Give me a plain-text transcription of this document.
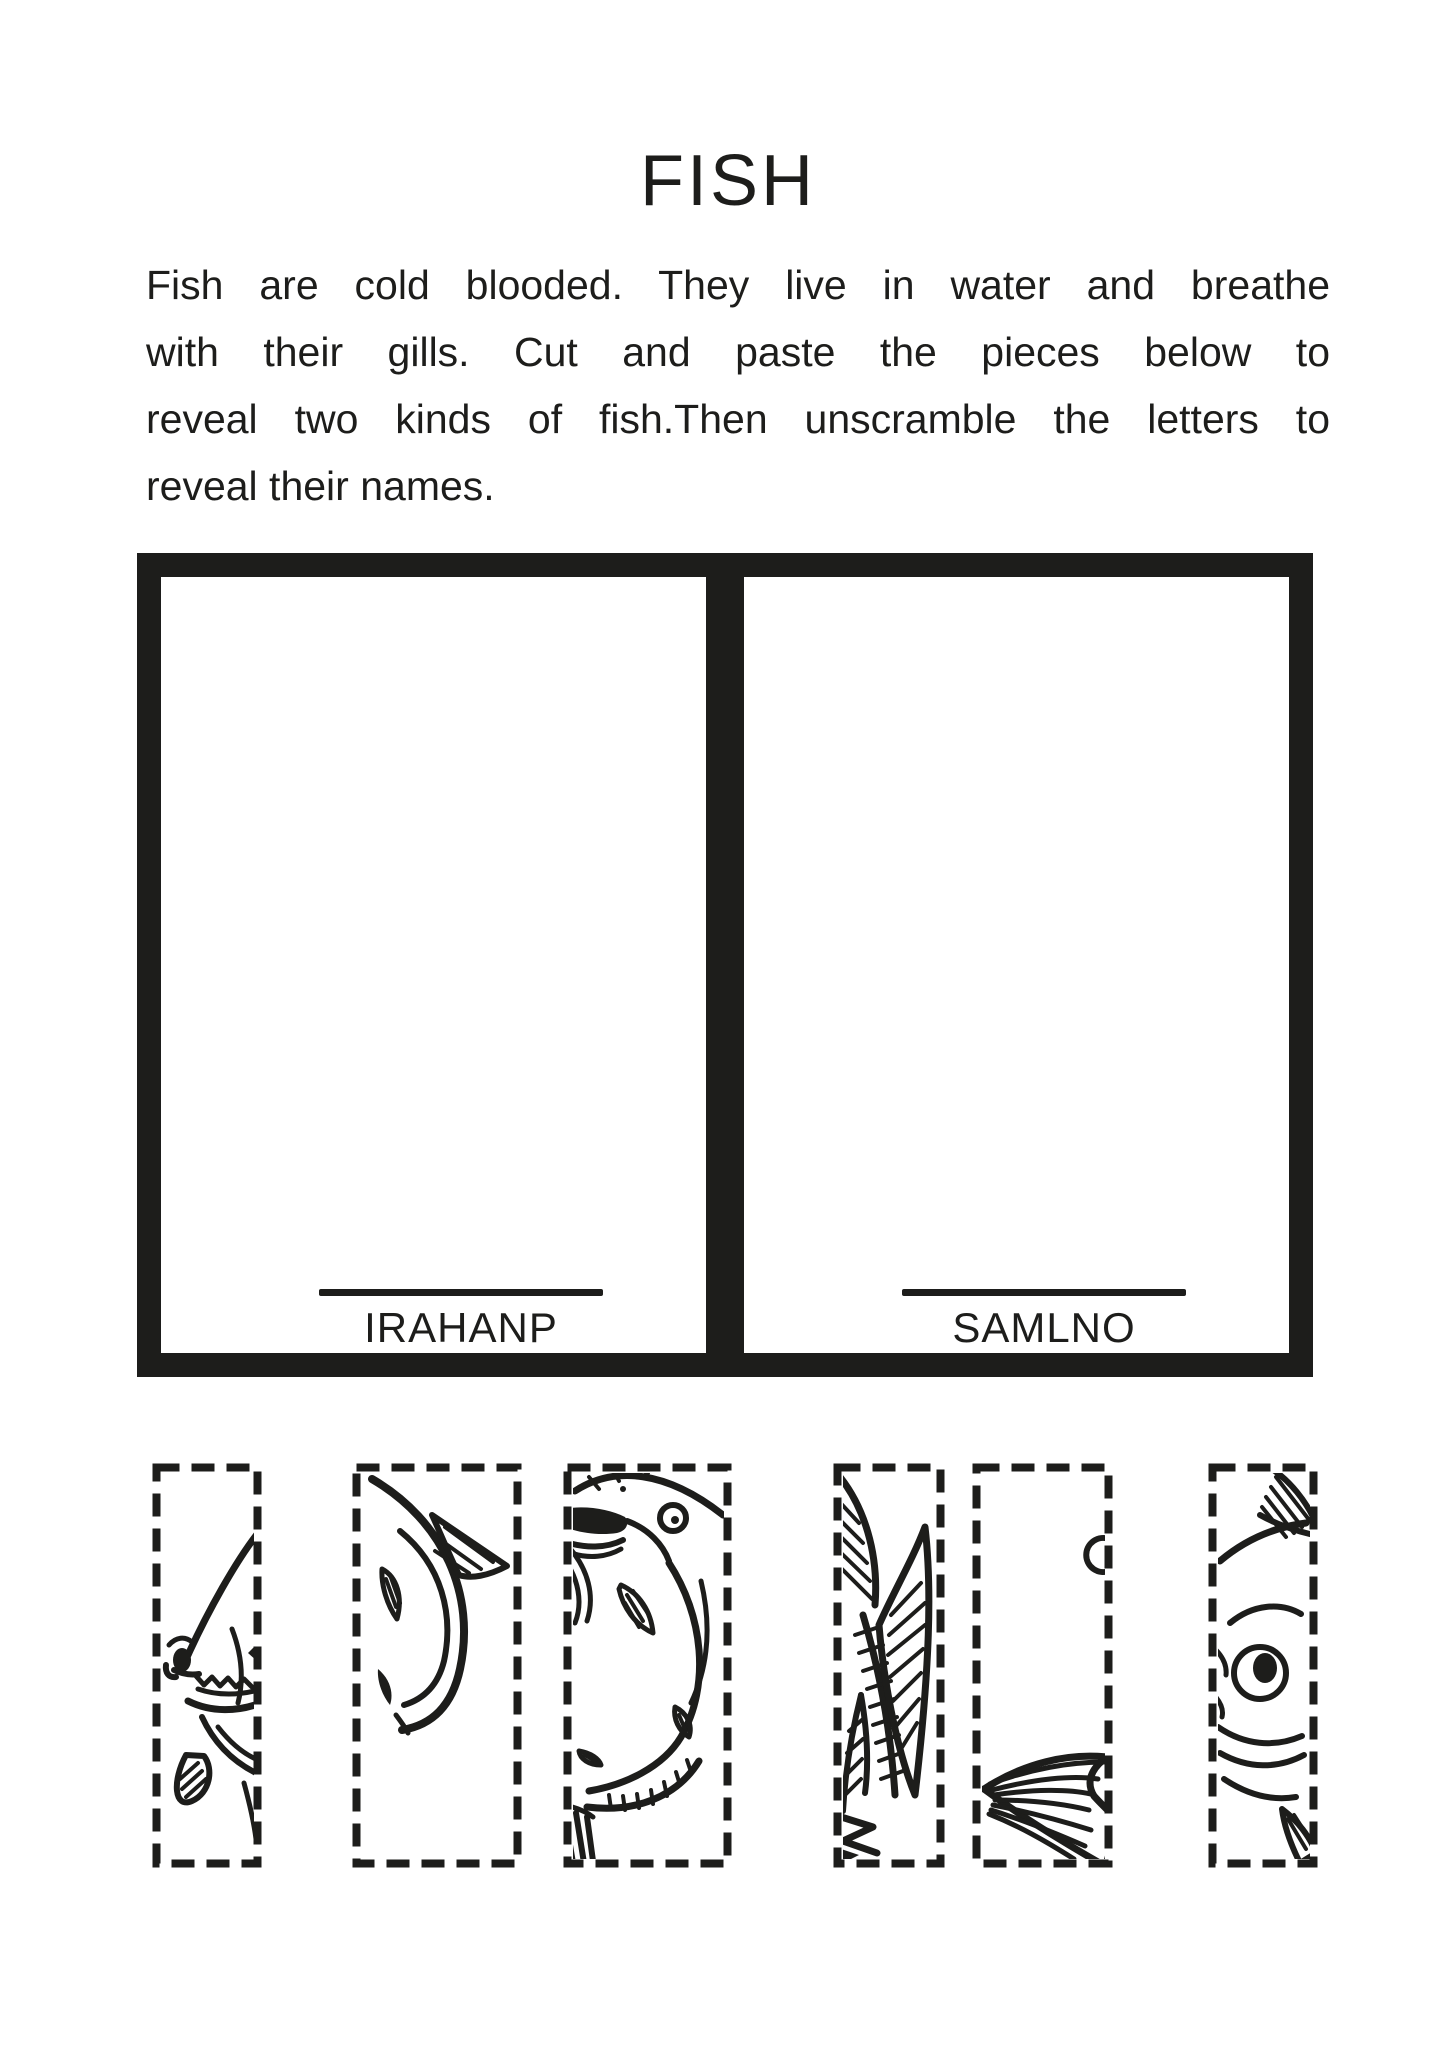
FISH
Fish are cold blooded. They live in water and breathe
with their gills. Cut and paste the pieces below to
reveal two kinds of fish.Then unscramble the letters to
reveal their names.
IRAHANP	SAMLNO
